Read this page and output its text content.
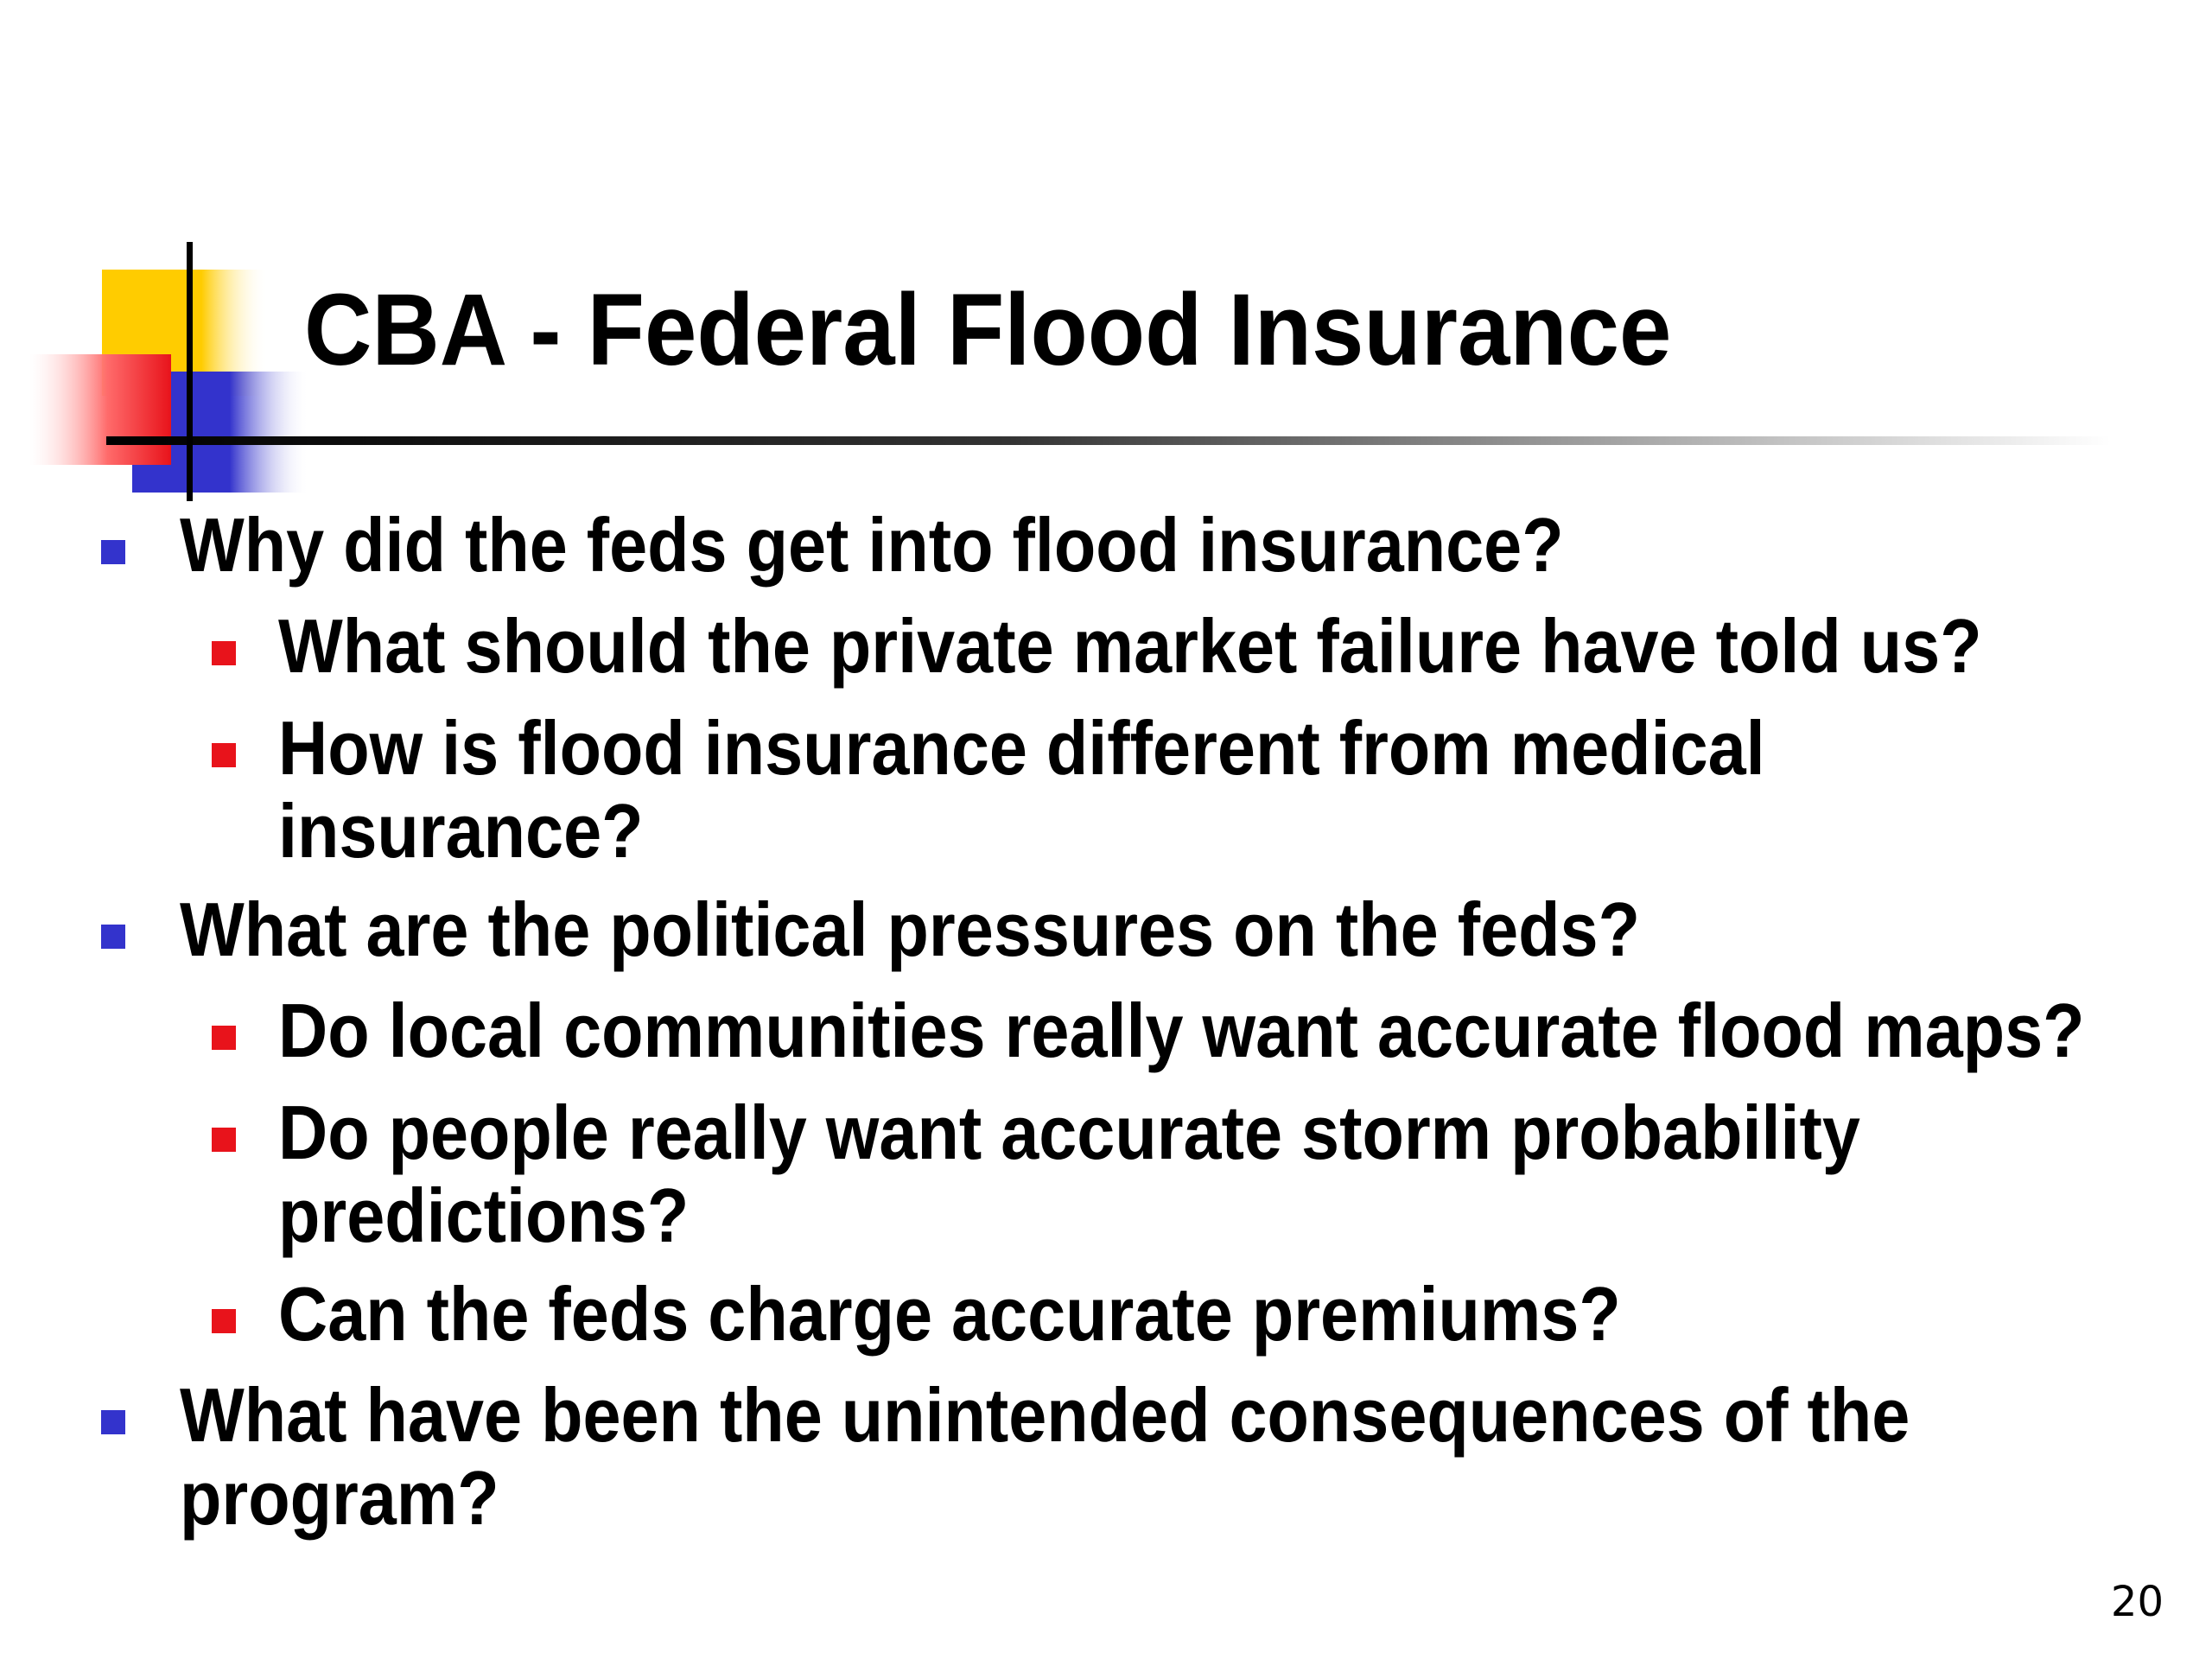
CBA - Federal Flood Insurance
Why did the feds get into flood insurance?
What should the private market failure have told us?
How is flood insurance different from medical
insurance?
What are the political pressures on the feds?
Do local communities really want accurate flood maps?
Do people really want accurate storm probability
predictions?
Can the feds charge accurate premiums?
What have been the unintended consequences of the
program?
20
